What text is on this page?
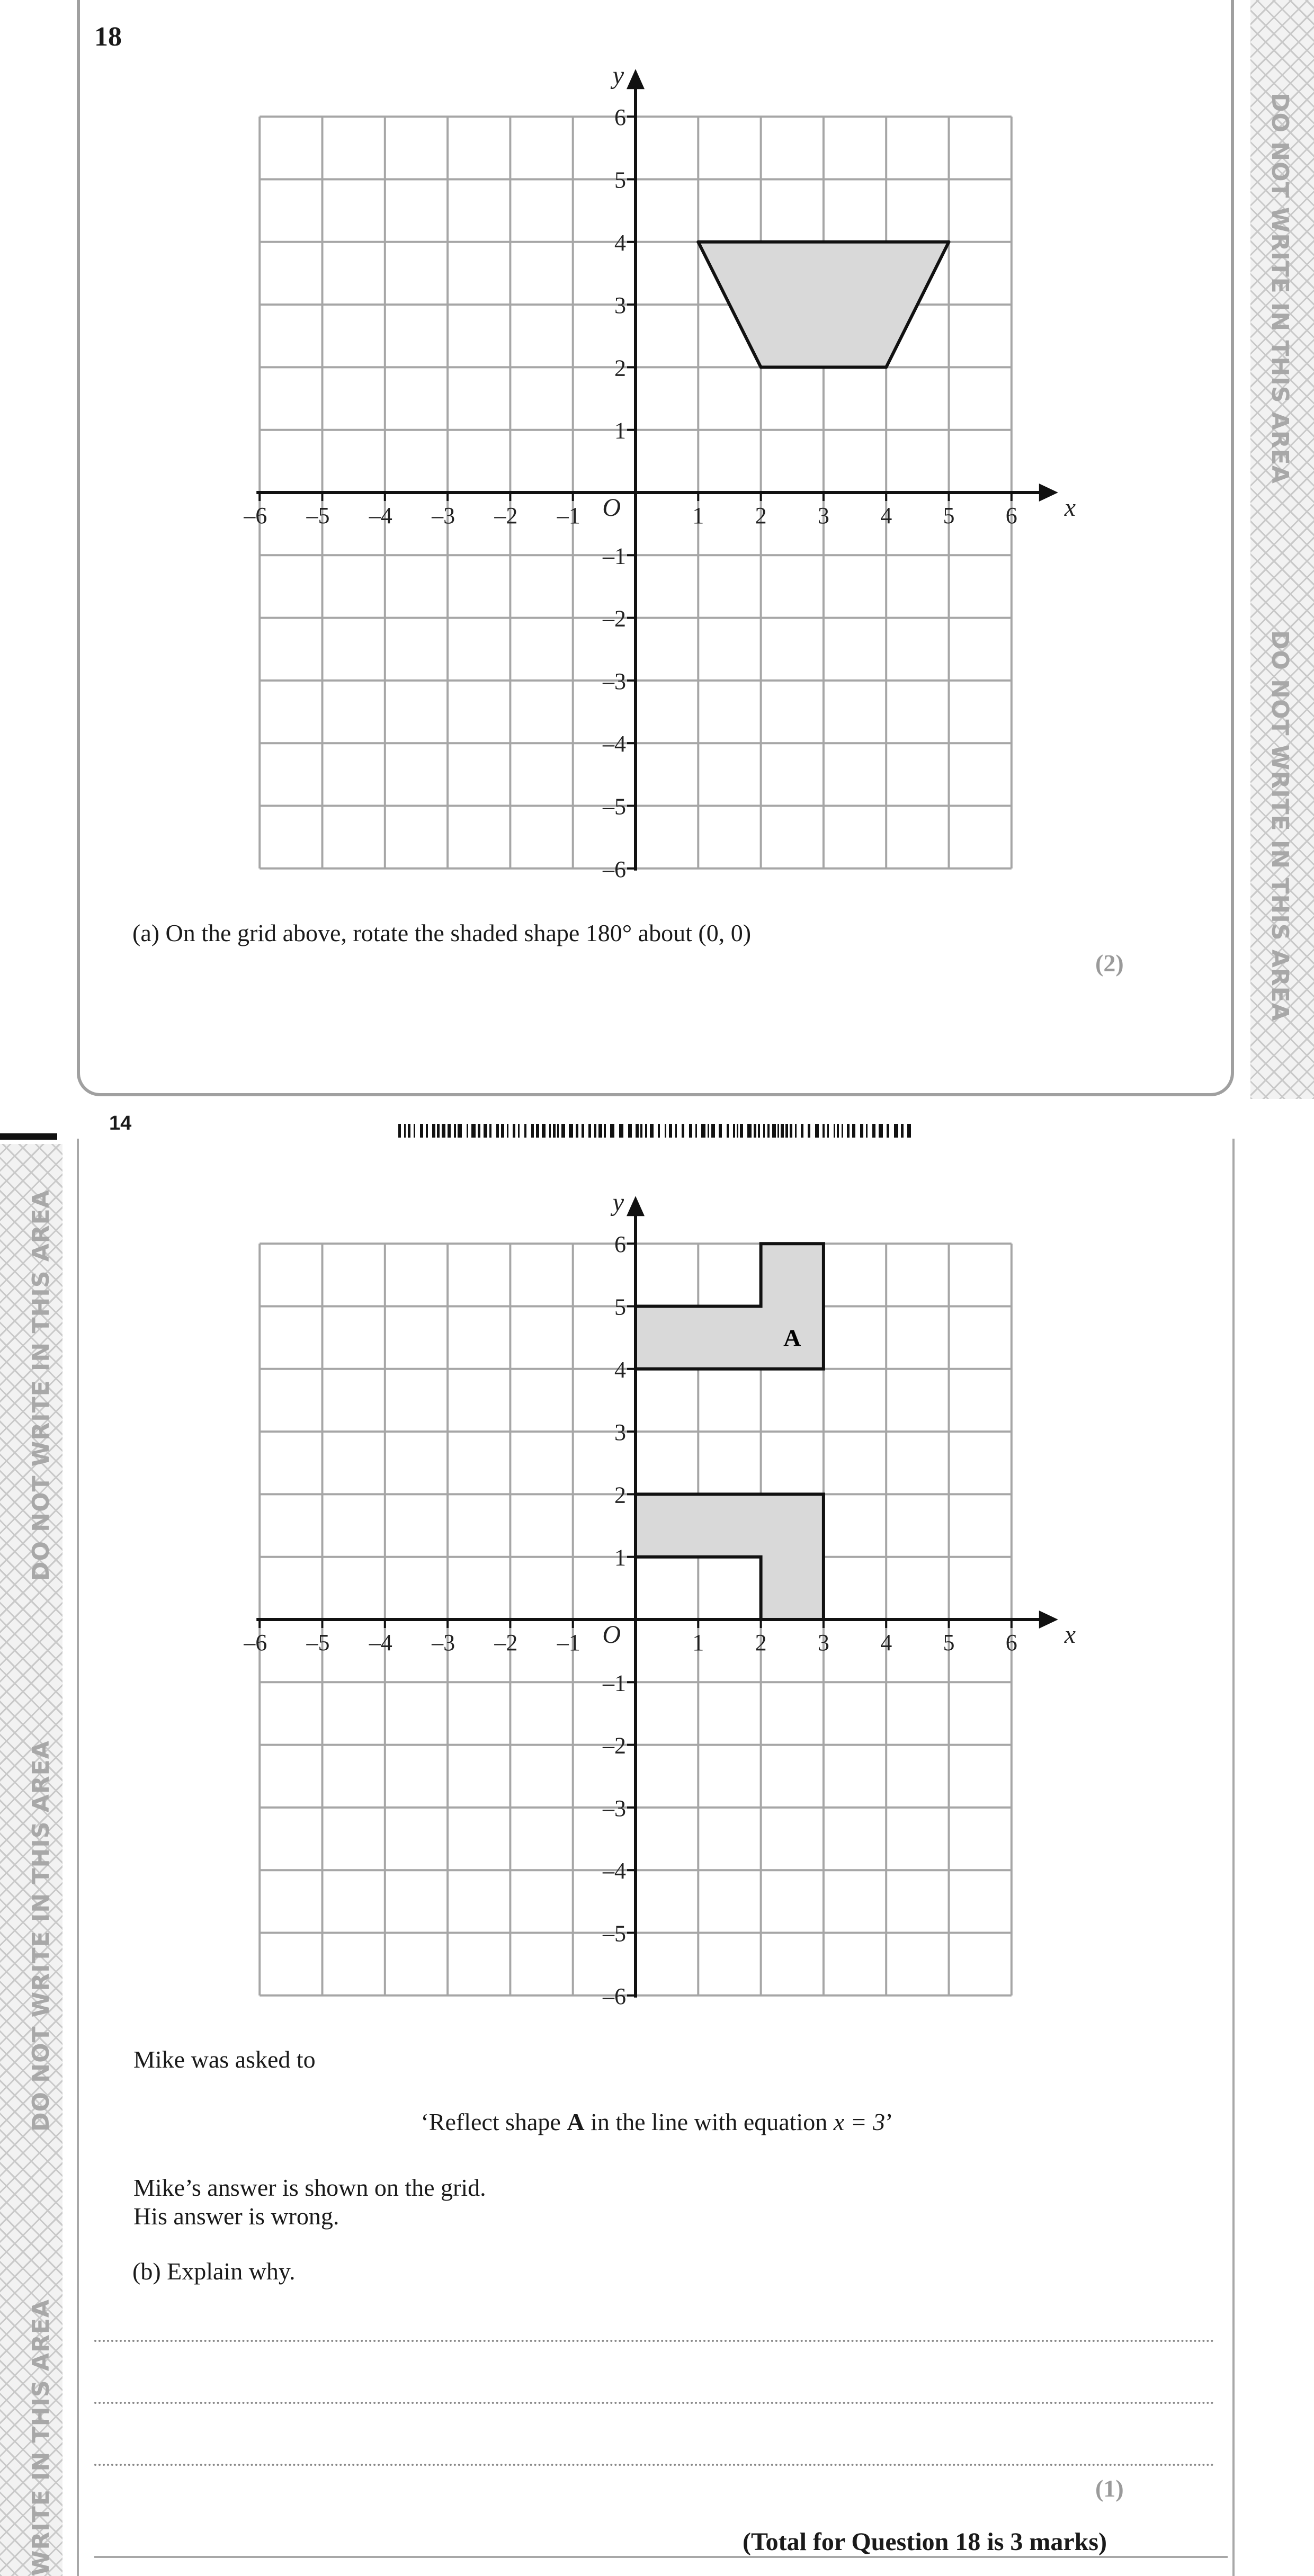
DO NOT WRITE IN THIS AREA
DO NOT WRITE IN THIS AREA
DO NOT WRITE IN THIS AREA
DO NOT WRITE IN THIS AREA
WRITE IN THIS AREA
18
–6 –5 –4 –3 –2 –1	1 2 3 4 5 6
6
5
4
3
2
1
–1
–2
–3
–4
–5
–6
O	x
y
(a) On the grid above, rotate the shaded shape 180° about (0, 0)
(2)
14
A
–6 –5 –4 –3 –2 –1	1 2 3 4 5 6
6
5
4
3
2
1
–1
–2
–3
–4
–5
–6
O	x
y
Mike was asked to
‘Reflect shape A in the line with equation x = 3’
Mike’s answer is shown on the grid.
His answer is wrong.
(b) Explain why.
(1)
(Total for Question 18 is 3 marks)
